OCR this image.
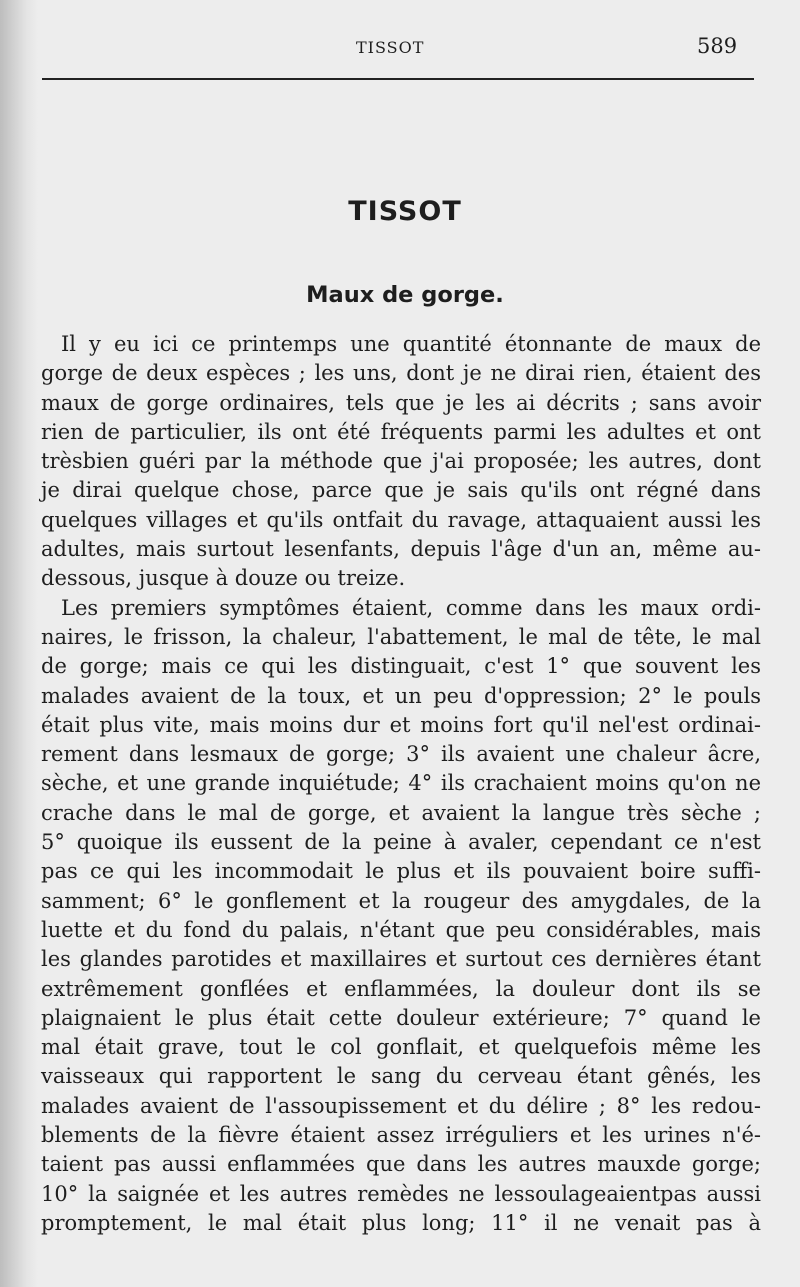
TISSOT	589
TISSOT
Maux de gorge.
Il y eu ici ce printemps une quantité étonnante de maux de
gorge de deux espèces ; les uns, dont je ne dirai rien, étaient des
maux de gorge ordinaires, tels que je les ai décrits ; sans avoir
rien de particulier, ils ont été fréquents parmi les adultes et ont
trèsbien guéri par la méthode que j'ai proposée; les autres, dont
je dirai quelque chose, parce que je sais qu'ils ont régné dans
quelques villages et qu'ils ontfait du ravage, attaquaient aussi les
adultes, mais surtout lesenfants, depuis l'âge d'un an, même au-
dessous, jusque à douze ou treize.
Les premiers symptômes étaient, comme dans les maux ordi-
naires, le frisson, la chaleur, l'abattement, le mal de tête, le mal
de gorge; mais ce qui les distinguait, c'est 1° que souvent les
malades avaient de la toux, et un peu d'oppression; 2° le pouls
était plus vite, mais moins dur et moins fort qu'il nel'est ordinai-
rement dans lesmaux de gorge; 3° ils avaient une chaleur âcre,
sèche, et une grande inquiétude; 4° ils crachaient moins qu'on ne
crache dans le mal de gorge, et avaient la langue très sèche ;
5° quoique ils eussent de la peine à avaler, cependant ce n'est
pas ce qui les incommodait le plus et ils pouvaient boire suffi-
samment; 6° le gonflement et la rougeur des amygdales, de la
luette et du fond du palais, n'étant que peu considérables, mais
les glandes parotides et maxillaires et surtout ces dernières étant
extrêmement gonflées et enflammées, la douleur dont ils se
plaignaient le plus était cette douleur extérieure; 7° quand le
mal était grave, tout le col gonflait, et quelquefois même les
vaisseaux qui rapportent le sang du cerveau étant gênés, les
malades avaient de l'assoupissement et du délire ; 8° les redou-
blements de la fièvre étaient assez irréguliers et les urines n'é-
taient pas aussi enflammées que dans les autres mauxde gorge;
10° la saignée et les autres remèdes ne lessoulageaientpas aussi
promptement, le mal était plus long; 11° il ne venait pas à
